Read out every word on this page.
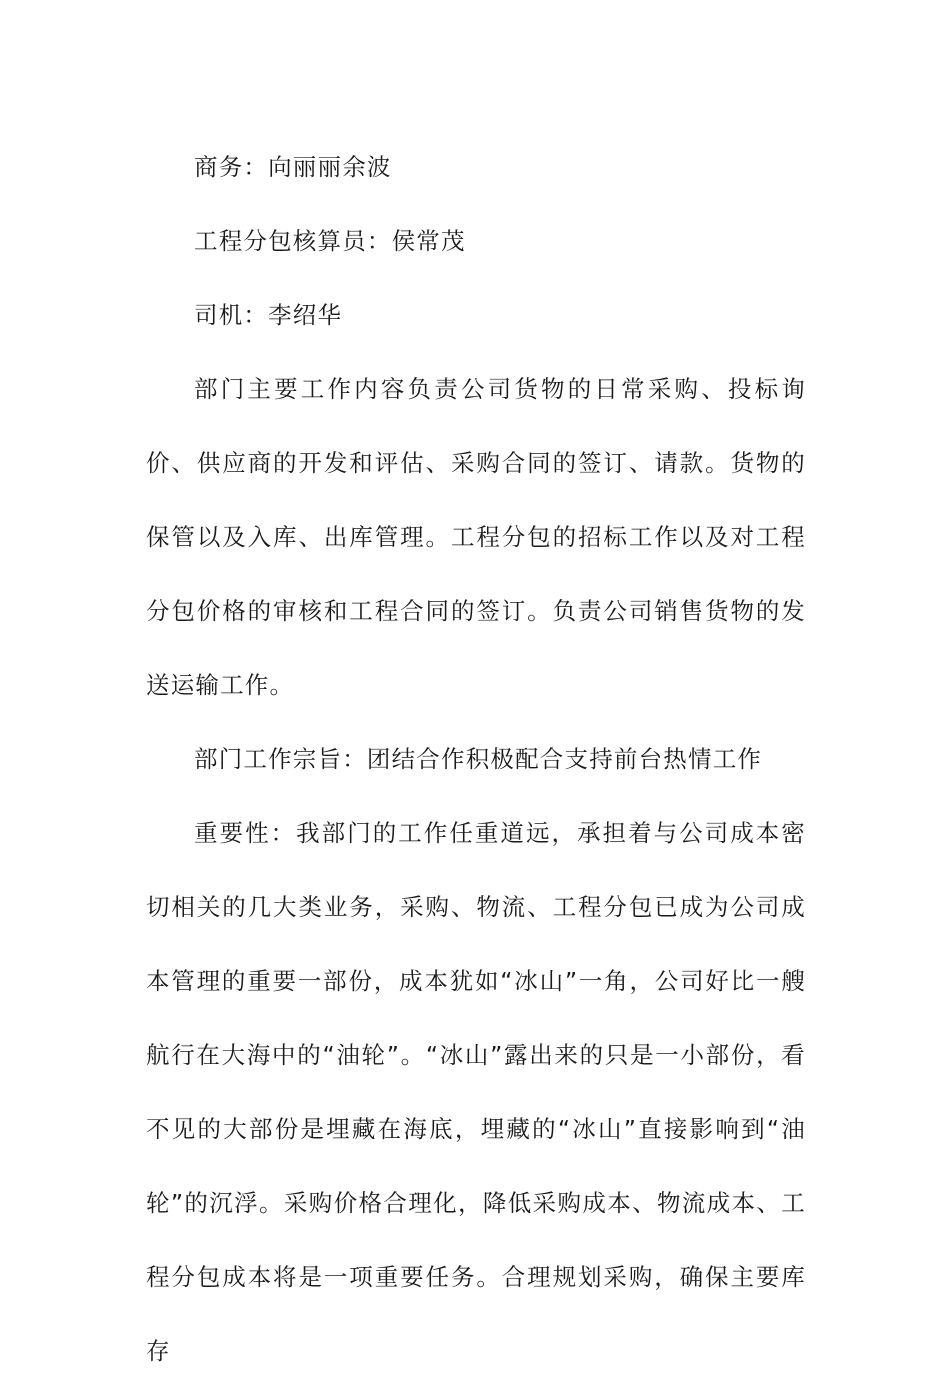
商务：向丽丽余波

工程分包核算员：侯常茂

司机：李绍华

部门主要工作内容负责公司货物的日常采购、投标询价、供应商的开发和评估、采购合同的签订、请款。货物的保管以及入库、出库管理。工程分包的招标工作以及对工程分包价格的审核和工程合同的签订。负责公司销售货物的发送运输工作。

部门工作宗旨：团结合作积极配合支持前台热情工作

重要性：我部门的工作任重道远，承担着与公司成本密切相关的几大类业务，采购、物流、工程分包已成为公司成本管理的重要一部份，成本犹如“冰山”一角，公司好比一艘航行在大海中的“油轮”。“冰山”露出来的只是一小部份，看不见的大部份是埋藏在海底，埋藏的“冰山”直接影响到“油轮”的沉浮。采购价格合理化，降低采购成本、物流成本、工程分包成本将是一项重要任务。合理规划采购，确保主要库存
